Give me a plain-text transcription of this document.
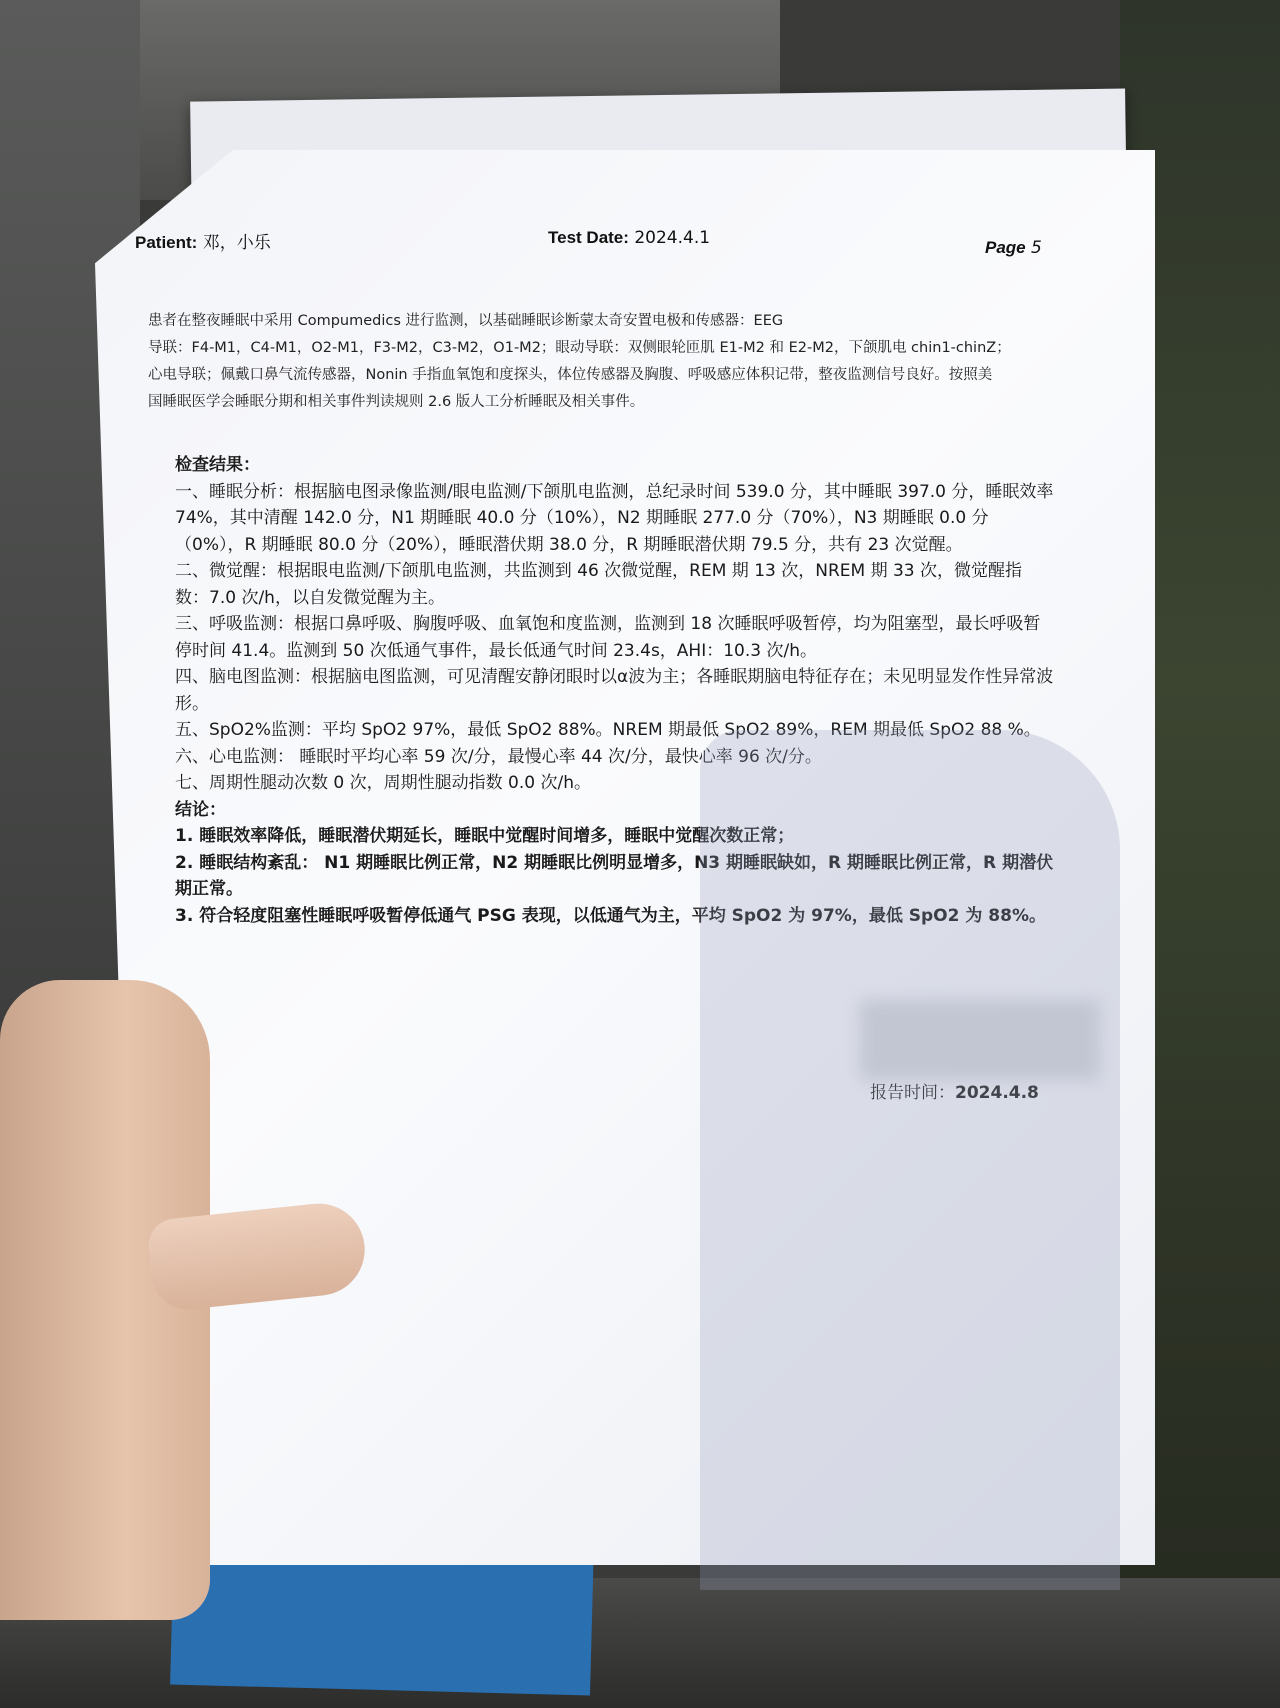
Patient: 邓，小乐	Test Date: 2024.4.1	Page 5
患者在整夜睡眠中采用 Compumedics 进行监测，以基础睡眠诊断蒙太奇安置电极和传感器：EEG
导联：F4-M1，C4-M1，O2-M1，F3-M2，C3-M2，O1-M2；眼动导联：双侧眼轮匝肌 E1-M2 和 E2-M2，下颌肌电 chin1-chinZ；
心电导联；佩戴口鼻气流传感器，Nonin 手指血氧饱和度探头，体位传感器及胸腹、呼吸感应体积记带，整夜监测信号良好。按照美
国睡眠医学会睡眠分期和相关事件判读规则 2.6 版人工分析睡眠及相关事件。

检查结果：

一、睡眠分析：根据脑电图录像监测/眼电监测/下颌肌电监测，总纪录时间 539.0 分，其中睡眠 397.0 分，睡眠效率 74%，其中清醒 142.0 分，N1 期睡眠 40.0 分（10%），N2 期睡眠 277.0 分（70%），N3 期睡眠 0.0 分（0%），R 期睡眠 80.0 分（20%），睡眠潜伏期 38.0 分，R 期睡眠潜伏期 79.5 分，共有 23 次觉醒。

二、微觉醒：根据眼电监测/下颌肌电监测，共监测到 46 次微觉醒，REM 期 13 次，NREM 期 33 次，微觉醒指数：7.0 次/h，以自发微觉醒为主。

三、呼吸监测：根据口鼻呼吸、胸腹呼吸、血氧饱和度监测，监测到 18 次睡眠呼吸暂停，均为阻塞型，最长呼吸暂停时间 41.4。监测到 50 次低通气事件，最长低通气时间 23.4s，AHI：10.3 次/h。

四、脑电图监测：根据脑电图监测，可见清醒安静闭眼时以α波为主；各睡眠期脑电特征存在；未见明显发作性异常波形。

五、SpO2%监测：平均 SpO2 97%，最低 SpO2 88%。NREM 期最低 SpO2 89%，REM 期最低 SpO2 88 %。

六、心电监测： 睡眠时平均心率 59 次/分，最慢心率 44 次/分，最快心率 96 次/分。

七、周期性腿动次数 0 次，周期性腿动指数 0.0 次/h。

结论：

1. 睡眠效率降低，睡眠潜伏期延长，睡眠中觉醒时间增多，睡眠中觉醒次数正常；

2. 睡眠结构紊乱： N1 期睡眠比例正常，N2 期睡眠比例明显增多，N3 期睡眠缺如，R 期睡眠比例正常，R 期潜伏期正常。

3. 符合轻度阻塞性睡眠呼吸暂停低通气 PSG 表现，以低通气为主，平均 SpO2 为 97%，最低 SpO2 为 88%。

报告时间：2024.4.8
